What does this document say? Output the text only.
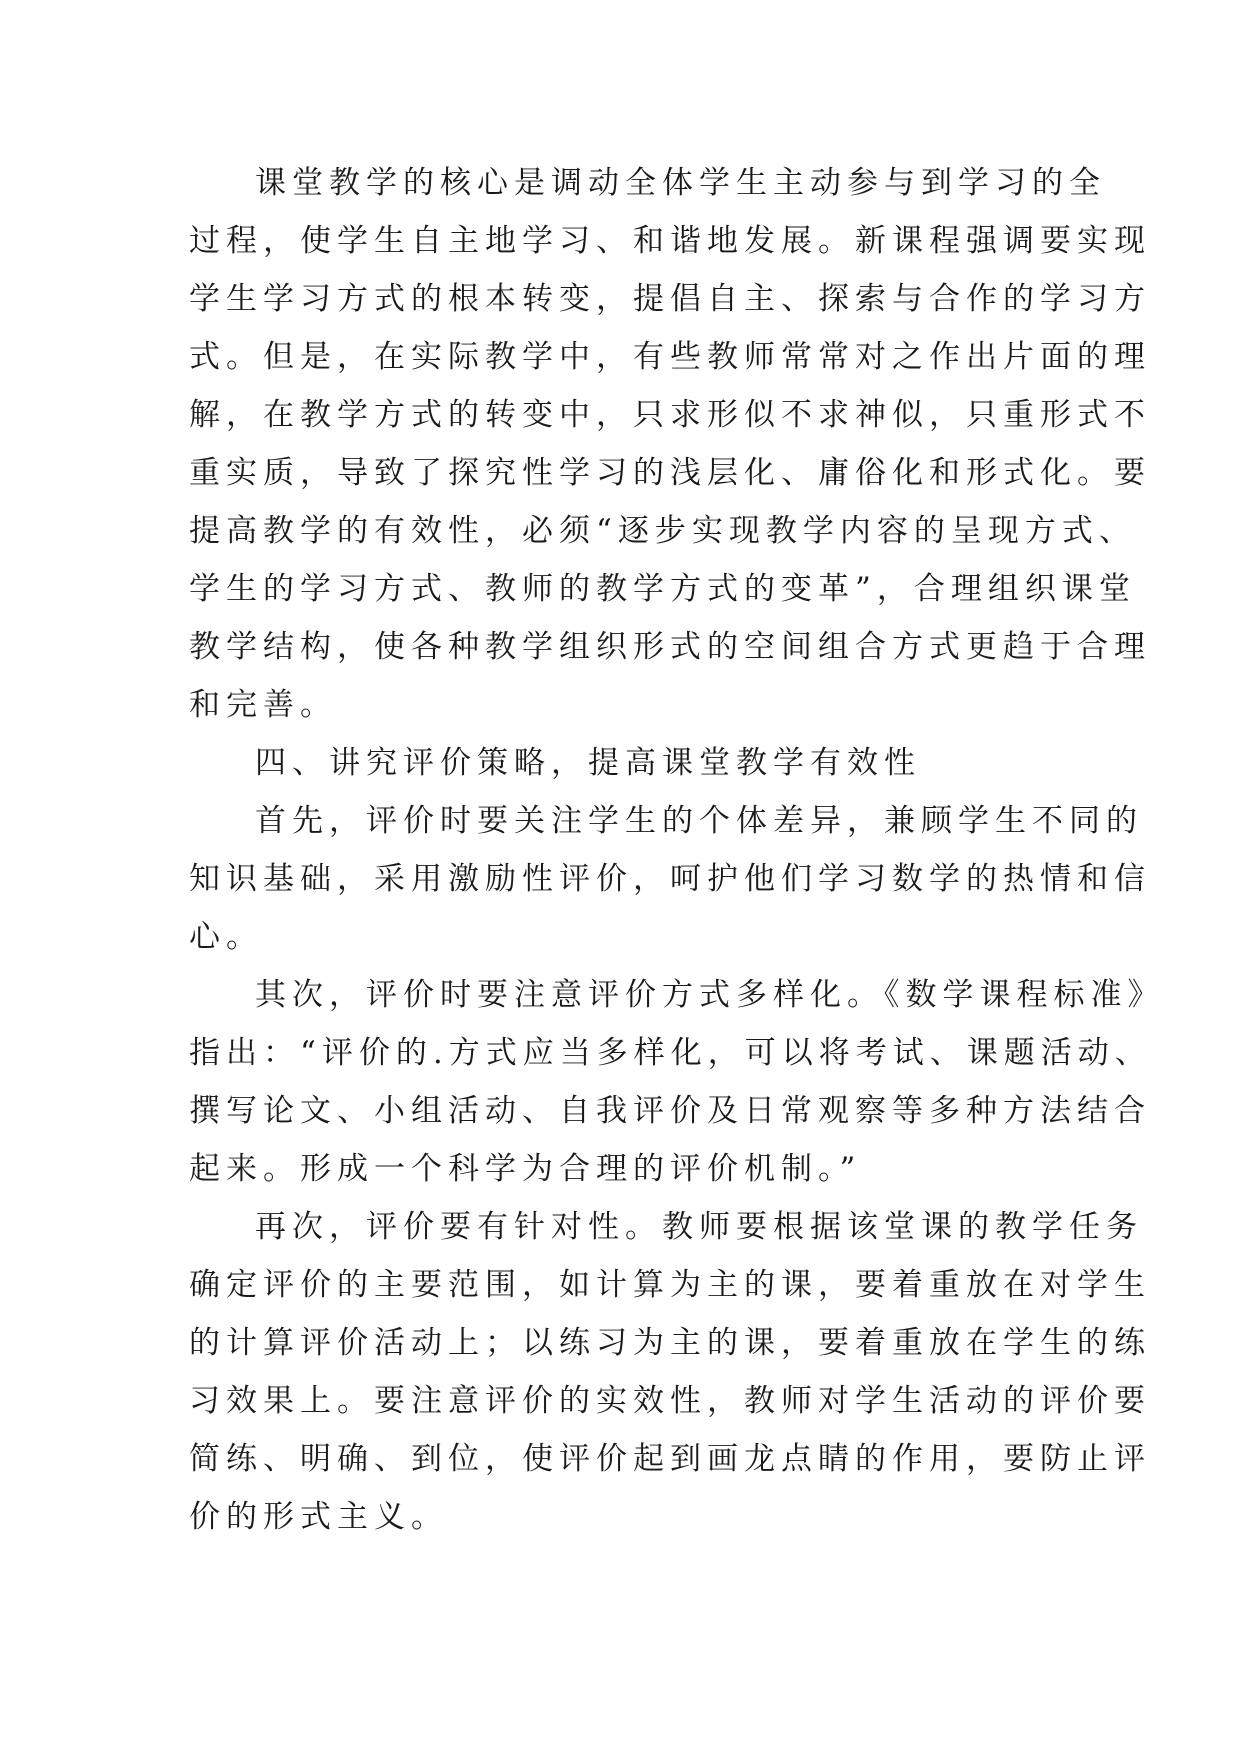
课堂教学的核心是调动全体学生主动参与到学习的全
过程，使学生自主地学习、和谐地发展。新课程强调要实现
学生学习方式的根本转变，提倡自主、探索与合作的学习方
式。但是，在实际教学中，有些教师常常对之作出片面的理
解，在教学方式的转变中，只求形似不求神似，只重形式不
重实质，导致了探究性学习的浅层化、庸俗化和形式化。要
提高教学的有效性，必须“逐步实现教学内容的呈现方式、
学生的学习方式、教师的教学方式的变革”，合理组织课堂
教学结构，使各种教学组织形式的空间组合方式更趋于合理
和完善。
四、讲究评价策略，提高课堂教学有效性
首先，评价时要关注学生的个体差异，兼顾学生不同的
知识基础，采用激励性评价，呵护他们学习数学的热情和信
心。
其次，评价时要注意评价方式多样化。《数学课程标准》
指出：“评价的.方式应当多样化，可以将考试、课题活动、
撰写论文、小组活动、自我评价及日常观察等多种方法结合
起来。形成一个科学为合理的评价机制。”
再次，评价要有针对性。教师要根据该堂课的教学任务
确定评价的主要范围，如计算为主的课，要着重放在对学生
的计算评价活动上；以练习为主的课，要着重放在学生的练
习效果上。要注意评价的实效性，教师对学生活动的评价要
简练、明确、到位，使评价起到画龙点睛的作用，要防止评
价的形式主义。
